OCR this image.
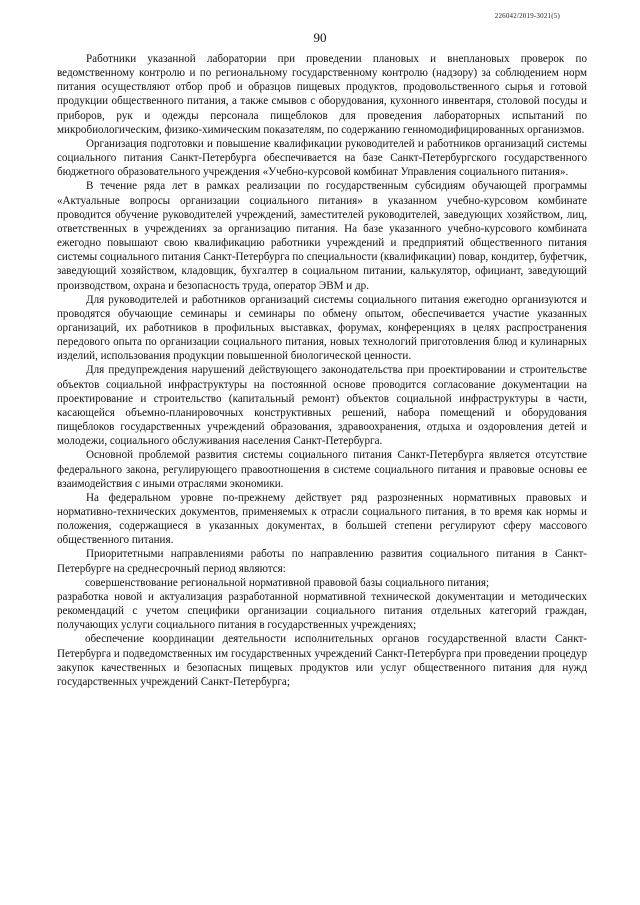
226042/2019-3021(5)
90

Работники указанной лаборатории при проведении плановых и внеплановых проверок по ведомственному контролю и по региональному государственному контролю (надзору) за соблюдением норм питания осуществляют отбор проб и образцов пищевых продуктов, продовольственного сырья и готовой продукции общественного питания, а также смывов с оборудования, кухонного инвентаря, столовой посуды и приборов, рук и одежды персонала пищеблоков для проведения лабораторных испытаний по микробиологическим, физико-химическим показателям, по содержанию генномодифицированных организмов.

Организация подготовки и повышение квалификации руководителей и работников организаций системы социального питания Санкт-Петербурга обеспечивается на базе Санкт-Петербургского государственного бюджетного образовательного учреждения «Учебно-курсовой комбинат Управления социального питания».

В течение ряда лет в рамках реализации по государственным субсидиям обучающей программы «Актуальные вопросы организации социального питания» в указанном учебно-курсовом комбинате проводится обучение руководителей учреждений, заместителей руководителей, заведующих хозяйством, лиц, ответственных в учреждениях за организацию питания. На базе указанного учебно-курсового комбината ежегодно повышают свою квалификацию работники учреждений и предприятий общественного питания системы социального питания Санкт-Петербурга по специальности (квалификации) повар, кондитер, буфетчик, заведующий хозяйством, кладовщик, бухгалтер в социальном питании, калькулятор, официант, заведующий производством, охрана и безопасность труда, оператор ЭВМ и др.

Для руководителей и работников организаций системы социального питания ежегодно организуются и проводятся обучающие семинары и семинары по обмену опытом, обеспечивается участие указанных организаций, их работников в профильных выставках, форумах, конференциях в целях распространения передового опыта по организации социального питания, новых технологий приготовления блюд и кулинарных изделий, использования продукции повышенной биологической ценности.

Для предупреждения нарушений действующего законодательства при проектировании и строительстве объектов социальной инфраструктуры на постоянной основе проводится согласование документации на проектирование и строительство (капитальный ремонт) объектов социальной инфраструктуры в части, касающейся объемно-планировочных конструктивных решений, набора помещений и оборудования пищеблоков государственных учреждений образования, здравоохранения, отдыха и оздоровления детей и молодежи, социального обслуживания населения Санкт-Петербурга.

Основной проблемой развития системы социального питания Санкт-Петербурга является отсутствие федерального закона, регулирующего правоотношения в системе социального питания и правовые основы ее взаимодействия с иными отраслями экономики.

На федеральном уровне по-прежнему действует ряд разрозненных нормативных правовых и нормативно-технических документов, применяемых к отрасли социального питания, в то время как нормы и положения, содержащиеся в указанных документах, в большей степени регулируют сферу массового общественного питания.

Приоритетными направлениями работы по направлению развития социального питания в Санкт-Петербурге на среднесрочный период являются:

совершенствование региональной нормативной правовой базы социального питания;

разработка новой и актуализация разработанной нормативной технической документации и методических рекомендаций с учетом специфики организации социального питания отдельных категорий граждан, получающих услуги социального питания в государственных учреждениях;

обеспечение координации деятельности исполнительных органов государственной власти Санкт-Петербурга и подведомственных им государственных учреждений Санкт-Петербурга при проведении процедур закупок качественных и безопасных пищевых продуктов или услуг общественного питания для нужд государственных учреждений Санкт-Петербурга;
